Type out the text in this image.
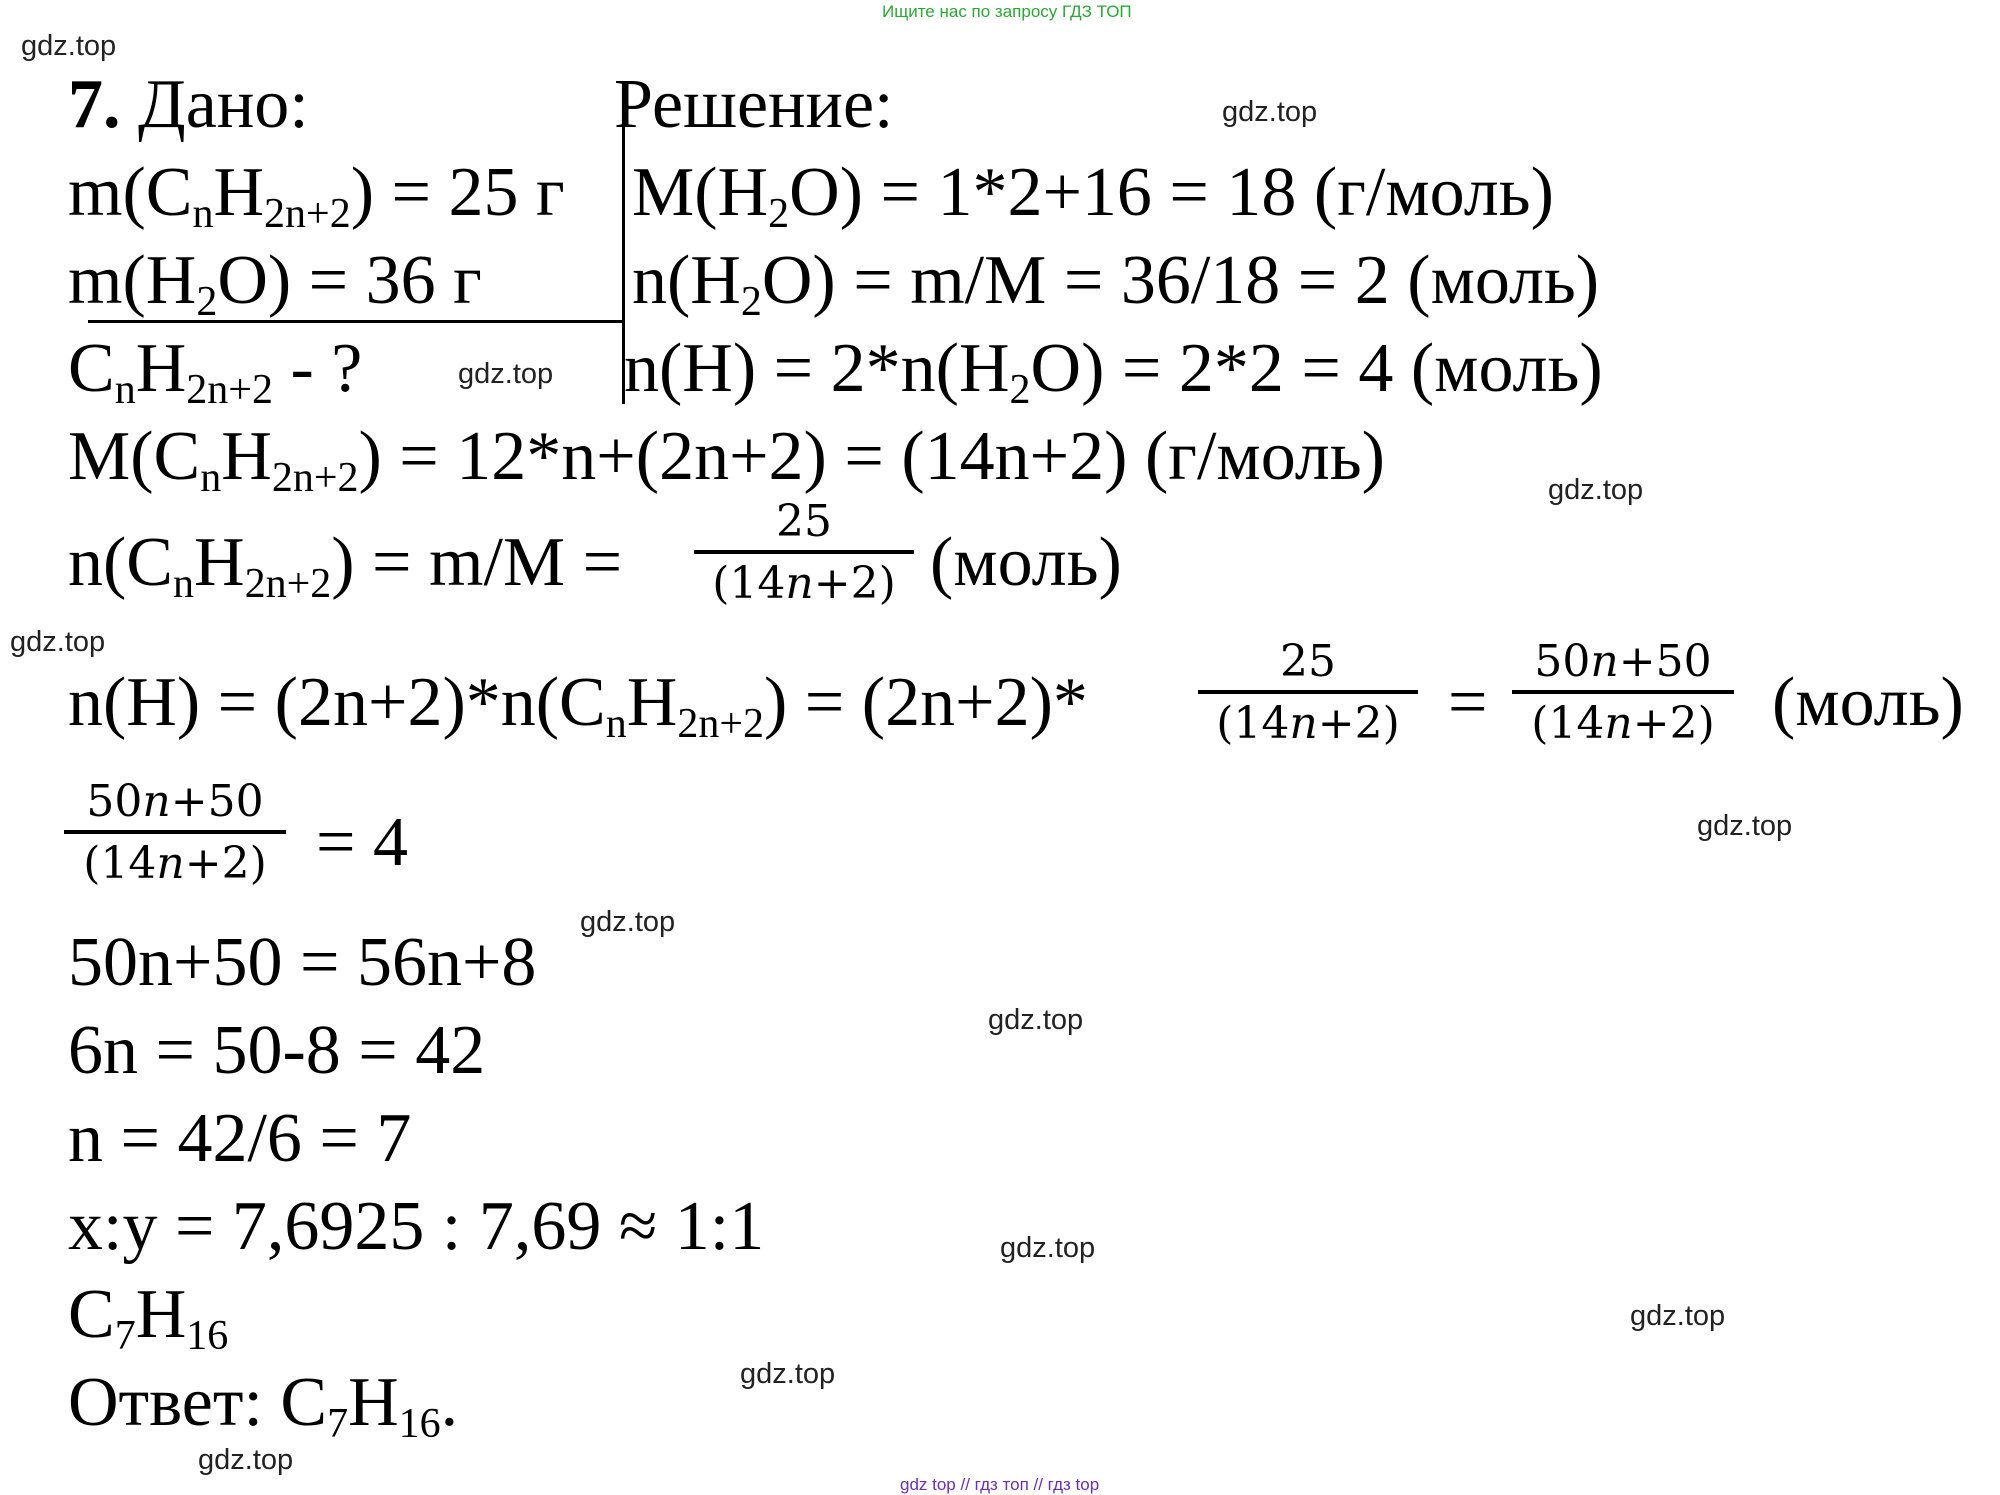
Ищите нас по запросу ГДЗ ТОП
gdz top // гдз топ // гдз top
gdz.top
gdz.top
gdz.top
gdz.top
gdz.top
gdz.top
gdz.top
gdz.top
gdz.top
gdz.top
gdz.top
gdz.top
7. Дано:	Решение:
$m(C_nH_{2n+2}) = 25$ г
$m(H_2O) = 36$ г
$C_nH_{2n+2}$ - ?
$M(H_2O) = 1*2+16 = 18$ (г/моль)
$n(H_2O) = m/M = 36/18 = 2$ (моль)
$n(H) = 2*n(H_2O) = 2*2 = 4$ (моль)
$M(C_nH_{2n+2}) = 12*n+(2n+2) = (14n+2)$ (г/моль)
$n(C_nH_{2n+2}) = m/M$ =
25
(14n+2) (моль)
$n(H) = (2n+2)*n(C_nH_{2n+2}) = (2n+2)*$
25
(14n+2) =
50n+50
(14n+2) (моль)
50n+50
(14n+2) = 4
50n+50 = 56n+8
6n = 50-8 = 42
n = 42/6 = 7
x:y = 7,6925 : 7,69 ≈ 1:1
$C_7H_{16}$
Ответ: $C_7H_{16}$.
